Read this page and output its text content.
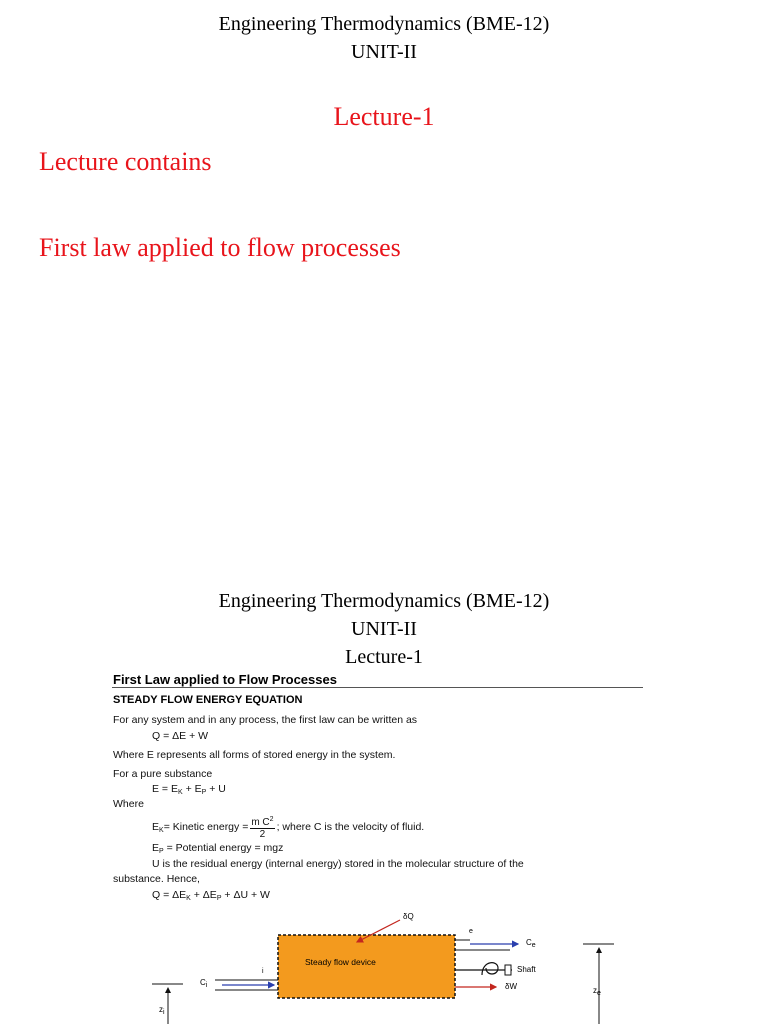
Engineering Thermodynamics (BME-12)
UNIT-II
Lecture-1
Lecture contains
First law applied to flow processes
Engineering Thermodynamics (BME-12)
UNIT-II
Lecture-1
First Law applied to Flow Processes
STEADY FLOW ENERGY EQUATION
For any system and in any process, the first law can be written as
Q = ΔE + W
Where E represents all forms of stored energy in the system.
For a pure substance
$E = E_K + E_P + U$
Where
$E_K=$ Kinetic energy = $\frac{m C^2}{2}$ ; where C is the velocity of fluid.
$E_P$ = Potential energy = mgz
U is the residual energy (internal energy) stored in the molecular structure of the
substance. Hence,
$Q = \Delta E_K + \Delta E_P + \Delta U + W$
Steady flow device
δQ
e
Ce
Shaft
δW
i
Ci
ze
zi
